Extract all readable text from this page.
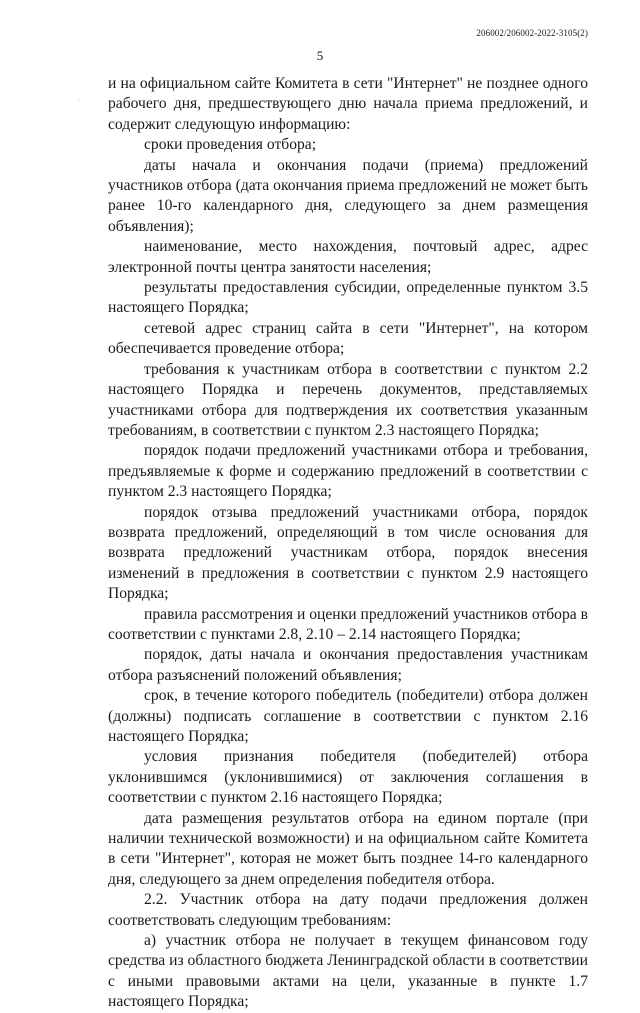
206002/206002-2022-3105(2)
5
·

и на официальном сайте Комитета в сети "Интернет" не позднее одного рабочего дня, предшествующего дню начала приема предложений, и содержит следующую информацию:

сроки проведения отбора;

даты начала и окончания подачи (приема) предложений участников отбора (дата окончания приема предложений не может быть ранее 10-го календарного дня, следующего за днем размещения объявления);

наименование, место нахождения, почтовый адрес, адрес электронной почты центра занятости населения;

результаты предоставления субсидии, определенные пунктом 3.5 настоящего Порядка;

сетевой адрес страниц сайта в сети "Интернет", на котором обеспечивается проведение отбора;

требования к участникам отбора в соответствии с пунктом 2.2 настоящего Порядка и перечень документов, представляемых участниками отбора для подтверждения их соответствия указанным требованиям, в соответствии с пунктом 2.3 настоящего Порядка;

порядок подачи предложений участниками отбора и требования, предъявляемые к форме и содержанию предложений в соответствии с пунктом 2.3 настоящего Порядка;

порядок отзыва предложений участниками отбора, порядок возврата предложений, определяющий в том числе основания для возврата предложений участникам отбора, порядок внесения изменений в предложения в соответствии с пунктом 2.9 настоящего Порядка;

правила рассмотрения и оценки предложений участников отбора в соответствии с пунктами 2.8, 2.10 – 2.14 настоящего Порядка;

порядок, даты начала и окончания предоставления участникам отбора разъяснений положений объявления;

срок, в течение которого победитель (победители) отбора должен (должны) подписать соглашение в соответствии с пунктом 2.16 настоящего Порядка;

условия признания победителя (победителей) отбора уклонившимся (уклонившимися) от заключения соглашения в соответствии с пунктом 2.16 настоящего Порядка;

дата размещения результатов отбора на едином портале (при наличии технической возможности) и на официальном сайте Комитета в сети "Интернет", которая не может быть позднее 14-го календарного дня, следующего за днем определения победителя отбора.

2.2. Участник отбора на дату подачи предложения должен соответствовать следующим требованиям:

а) участник отбора не получает в текущем финансовом году средства из областного бюджета Ленинградской области в соответствии с иными правовыми актами на цели, указанные в пункте 1.7 настоящего Порядка;
